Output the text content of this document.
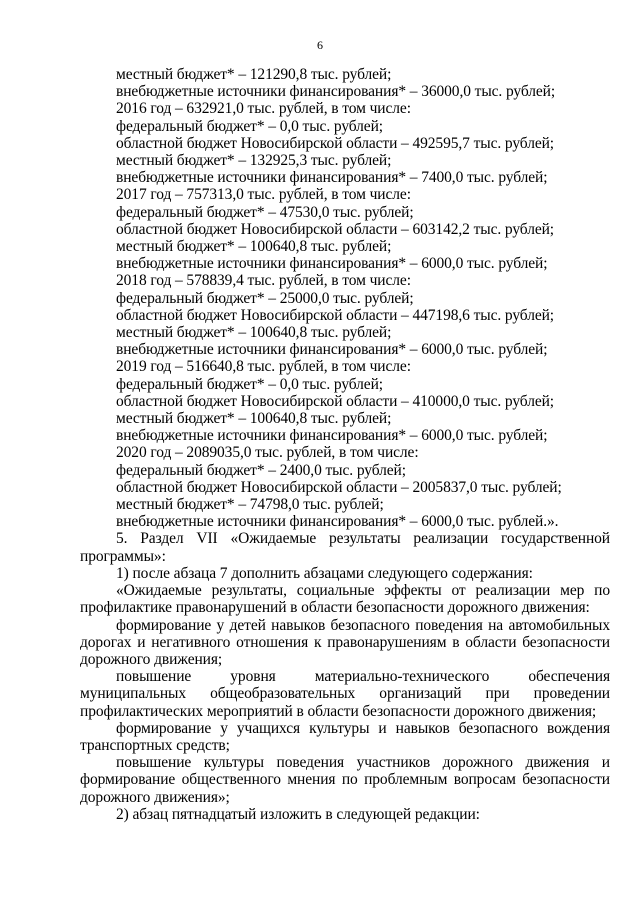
6

местный бюджет* – 121290,8 тыс. рублей;

внебюджетные источники финансирования* – 36000,0 тыс. рублей;

2016 год – 632921,0 тыс. рублей, в том числе:

федеральный бюджет* – 0,0 тыс. рублей;

областной бюджет Новосибирской области – 492595,7 тыс. рублей;

местный бюджет* – 132925,3 тыс. рублей;

внебюджетные источники финансирования* – 7400,0 тыс. рублей;

2017 год – 757313,0 тыс. рублей, в том числе:

федеральный бюджет* – 47530,0 тыс. рублей;

областной бюджет Новосибирской области – 603142,2 тыс. рублей;

местный бюджет* – 100640,8 тыс. рублей;

внебюджетные источники финансирования* – 6000,0 тыс. рублей;

2018 год – 578839,4 тыс. рублей, в том числе:

федеральный бюджет* – 25000,0 тыс. рублей;

областной бюджет Новосибирской области – 447198,6 тыс. рублей;

местный бюджет* – 100640,8 тыс. рублей;

внебюджетные источники финансирования* – 6000,0 тыс. рублей;

2019 год – 516640,8 тыс. рублей, в том числе:

федеральный бюджет* – 0,0 тыс. рублей;

областной бюджет Новосибирской области – 410000,0 тыс. рублей;

местный бюджет* – 100640,8 тыс. рублей;

внебюджетные источники финансирования* – 6000,0 тыс. рублей;

2020 год – 2089035,0 тыс. рублей, в том числе:

федеральный бюджет* – 2400,0 тыс. рублей;

областной бюджет Новосибирской области – 2005837,0 тыс. рублей;

местный бюджет* – 74798,0 тыс. рублей;

внебюджетные источники финансирования* – 6000,0 тыс. рублей.».

5. Раздел VII «Ожидаемые результаты реализации государственной программы»:

1) после абзаца 7 дополнить абзацами следующего содержания:

«Ожидаемые результаты, социальные эффекты от реализации мер по профилактике правонарушений в области безопасности дорожного движения:

формирование у детей навыков безопасного поведения на автомобильных дорогах и негативного отношения к правонарушениям в области безопасности дорожного движения;

повышение уровня материально-технического обеспечения муниципальных общеобразовательных организаций при проведении профилактических мероприятий в области безопасности дорожного движения;

формирование у учащихся культуры и навыков безопасного вождения транспортных средств;

повышение культуры поведения участников дорожного движения и формирование общественного мнения по проблемным вопросам безопасности дорожного движения»;

2) абзац пятнадцатый изложить в следующей редакции:
